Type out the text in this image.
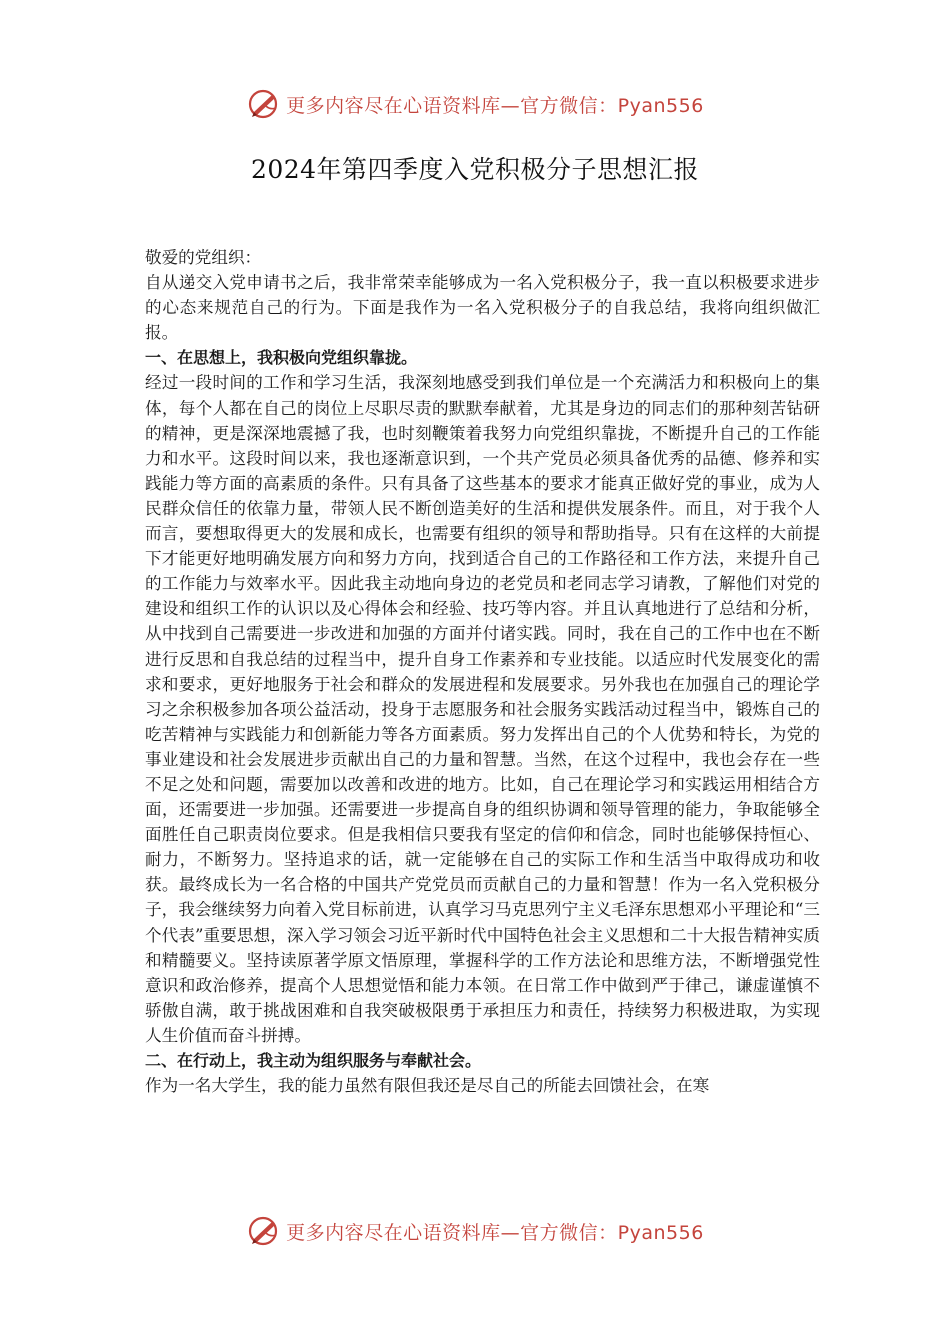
更多内容尽在心语资料库—官方微信：Pyan556
2024年第四季度入党积极分子思想汇报

敬爱的党组织：

自从递交入党申请书之后，我非常荣幸能够成为一名入党积极分子，我一直以积极要求进步的心态来规范自己的行为。下面是我作为一名入党积极分子的自我总结，我将向组织做汇报。

一、在思想上，我积极向党组织靠拢。

经过一段时间的工作和学习生活，我深刻地感受到我们单位是一个充满活力和积极向上的集体，每个人都在自己的岗位上尽职尽责的默默奉献着，尤其是身边的同志们的那种刻苦钻研的精神，更是深深地震撼了我，也时刻鞭策着我努力向党组织靠拢，不断提升自己的工作能力和水平。这段时间以来，我也逐渐意识到，一个共产党员必须具备优秀的品德、修养和实践能力等方面的高素质的条件。只有具备了这些基本的要求才能真正做好党的事业，成为人民群众信任的依靠力量，带领人民不断创造美好的生活和提供发展条件。而且，对于我个人而言，要想取得更大的发展和成长，也需要有组织的领导和帮助指导。只有在这样的大前提下才能更好地明确发展方向和努力方向，找到适合自己的工作路径和工作方法，来提升自己的工作能力与效率水平。因此我主动地向身边的老党员和老同志学习请教，了解他们对党的建设和组织工作的认识以及心得体会和经验、技巧等内容。并且认真地进行了总结和分析，从中找到自己需要进一步改进和加强的方面并付诸实践。同时，我在自己的工作中也在不断进行反思和自我总结的过程当中，提升自身工作素养和专业技能。以适应时代发展变化的需求和要求，更好地服务于社会和群众的发展进程和发展要求。另外我也在加强自己的理论学习之余积极参加各项公益活动，投身于志愿服务和社会服务实践活动过程当中，锻炼自己的吃苦精神与实践能力和创新能力等各方面素质。努力发挥出自己的个人优势和特长，为党的事业建设和社会发展进步贡献出自己的力量和智慧。当然，在这个过程中，我也会存在一些不足之处和问题，需要加以改善和改进的地方。比如，自己在理论学习和实践运用相结合方面，还需要进一步加强。还需要进一步提高自身的组织协调和领导管理的能力，争取能够全面胜任自己职责岗位要求。但是我相信只要我有坚定的信仰和信念，同时也能够保持恒心、耐力，不断努力。坚持追求的话，就一定能够在自己的实际工作和生活当中取得成功和收获。最终成长为一名合格的中国共产党党员而贡献自己的力量和智慧！作为一名入党积极分子，我会继续努力向着入党目标前进，认真学习马克思列宁主义毛泽东思想邓小平理论和“三个代表”重要思想，深入学习领会习近平新时代中国特色社会主义思想和二十大报告精神实质和精髓要义。坚持读原著学原文悟原理，掌握科学的工作方法论和思维方法，不断增强党性意识和政治修养，提高个人思想觉悟和能力本领。在日常工作中做到严于律己，谦虚谨慎不骄傲自满，敢于挑战困难和自我突破极限勇于承担压力和责任，持续努力积极进取，为实现人生价值而奋斗拼搏。

二、在行动上，我主动为组织服务与奉献社会。

作为一名大学生，我的能力虽然有限但我还是尽自己的所能去回馈社会，在寒

更多内容尽在心语资料库—官方微信：Pyan556
